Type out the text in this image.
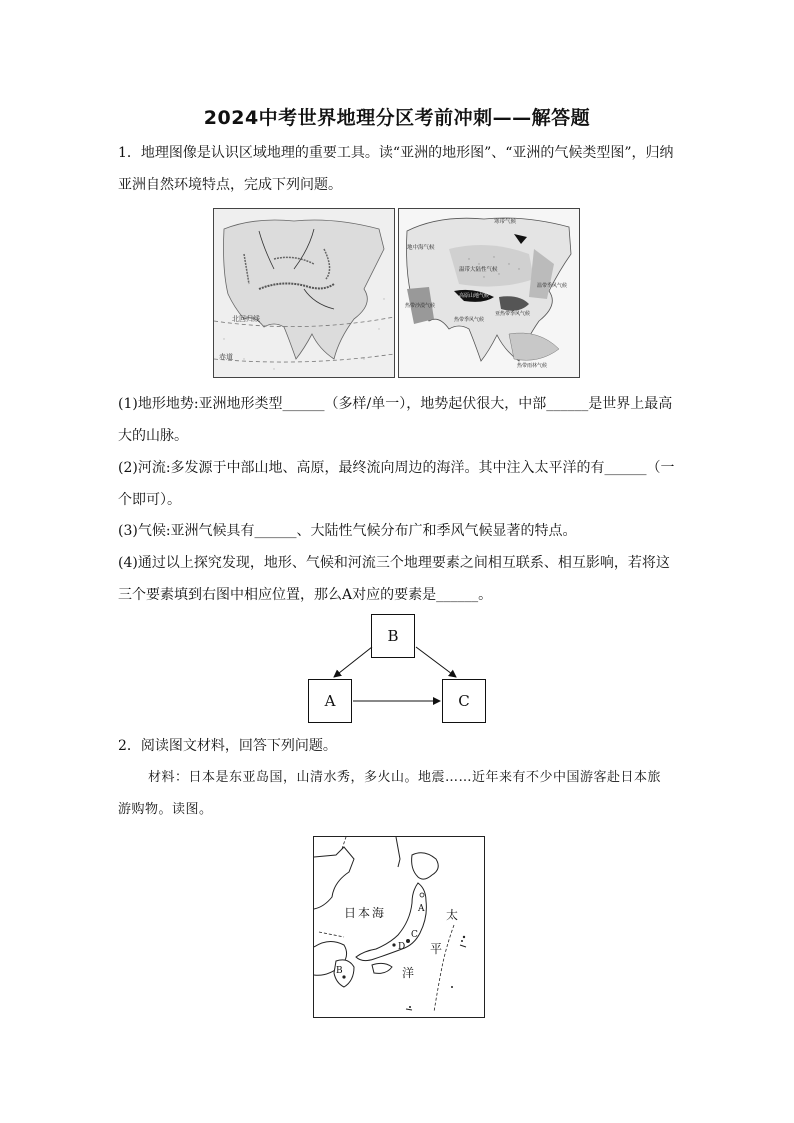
2024中考世界地理分区考前冲刺——解答题
1．地理图像是认识区域地理的重要工具。读“亚洲的地形图”、“亚洲的气候类型图”，归纳
亚洲自然环境特点，完成下列问题。
北回归线
赤道
寒带气候
地中海气候
温带大陆性气候
热带沙漠气候
温带季风气候
高原山地气候
亚热带季风气候
热带季风气候
热带雨林气候
(1)地形地势:亚洲地形类型______（多样/单一），地势起伏很大，中部______是世界上最高
大的山脉。
(2)河流:多发源于中部山地、高原，最终流向周边的海洋。其中注入太平洋的有______（一
个即可）。
(3)气候:亚洲气候具有______、大陆性气候分布广和季风气候显著的特点。
(4)通过以上探究发现，地形、气候和河流三个地理要素之间相互联系、相互影响，若将这
三个要素填到右图中相应位置，那么A对应的要素是______。
B
A	C
2．阅读图文材料，回答下列问题。
材料：日本是东亚岛国，山清水秀，多火山。地震……近年来有不少中国游客赴日本旅
游购物。读图。
日本海	太
平
洋
A
B
C
D
